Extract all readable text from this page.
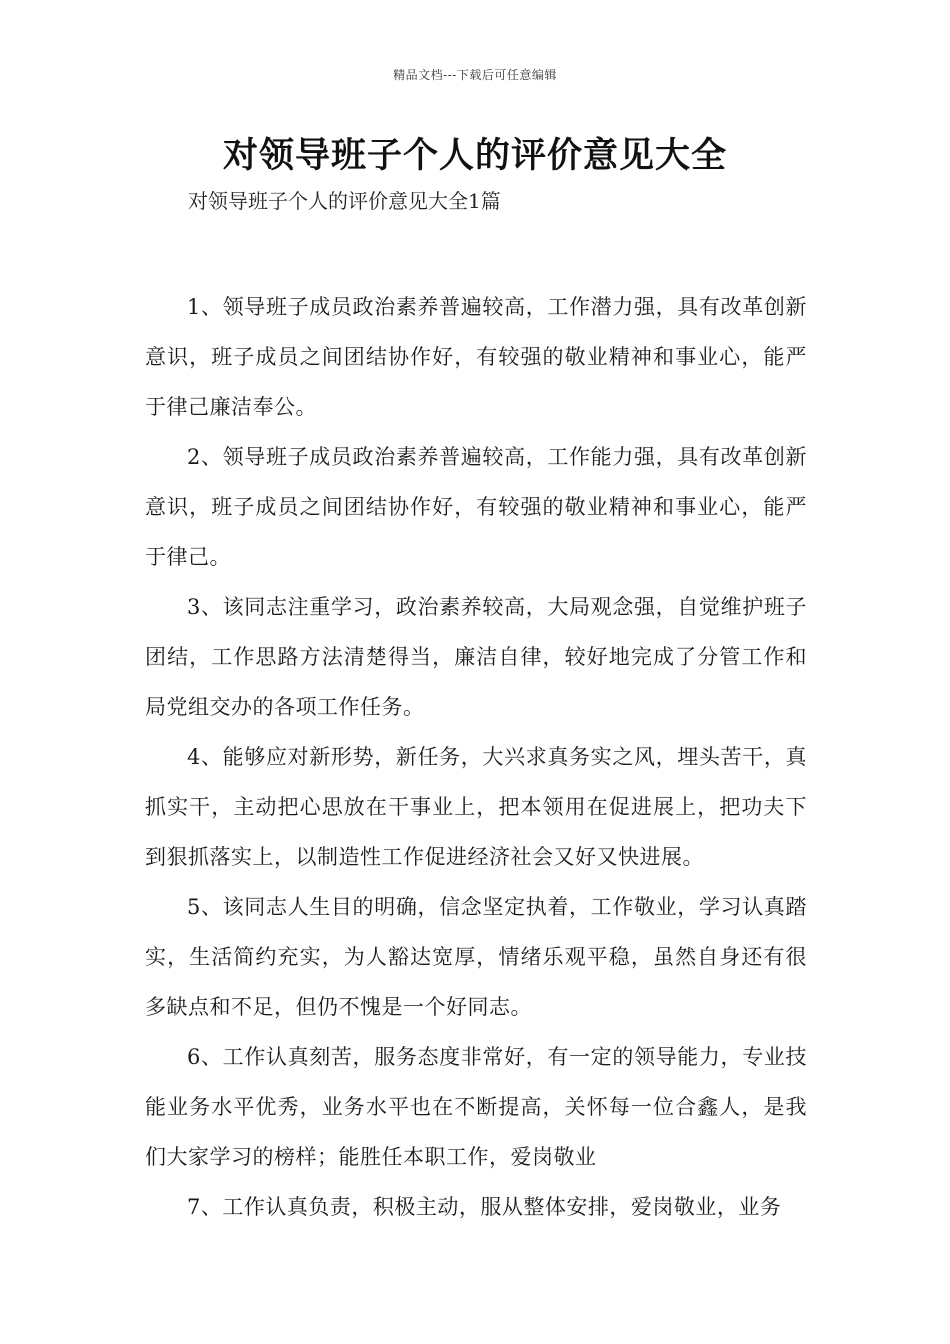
精品文档---下载后可任意编辑
对领导班子个人的评价意见大全
对领导班子个人的评价意见大全1篇

1、领导班子成员政治素养普遍较高，工作潜力强，具有改革创新意识，班子成员之间团结协作好，有较强的敬业精神和事业心，能严于律己廉洁奉公。

2、领导班子成员政治素养普遍较高，工作能力强，具有改革创新意识，班子成员之间团结协作好，有较强的敬业精神和事业心，能严于律己。

3、该同志注重学习，政治素养较高，大局观念强，自觉维护班子团结，工作思路方法清楚得当，廉洁自律，较好地完成了分管工作和局党组交办的各项工作任务。

4、能够应对新形势，新任务，大兴求真务实之风，埋头苦干，真抓实干，主动把心思放在干事业上，把本领用在促进展上，把功夫下到狠抓落实上，以制造性工作促进经济社会又好又快进展。

5、该同志人生目的明确，信念坚定执着，工作敬业，学习认真踏实，生活简约充实，为人豁达宽厚，情绪乐观平稳，虽然自身还有很多缺点和不足，但仍不愧是一个好同志。

6、工作认真刻苦，服务态度非常好，有一定的领导能力，专业技能业务水平优秀，业务水平也在不断提高，关怀每一位合鑫人，是我们大家学习的榜样；能胜任本职工作，爱岗敬业

7、工作认真负责，积极主动，服从整体安排，爱岗敬业，业务
